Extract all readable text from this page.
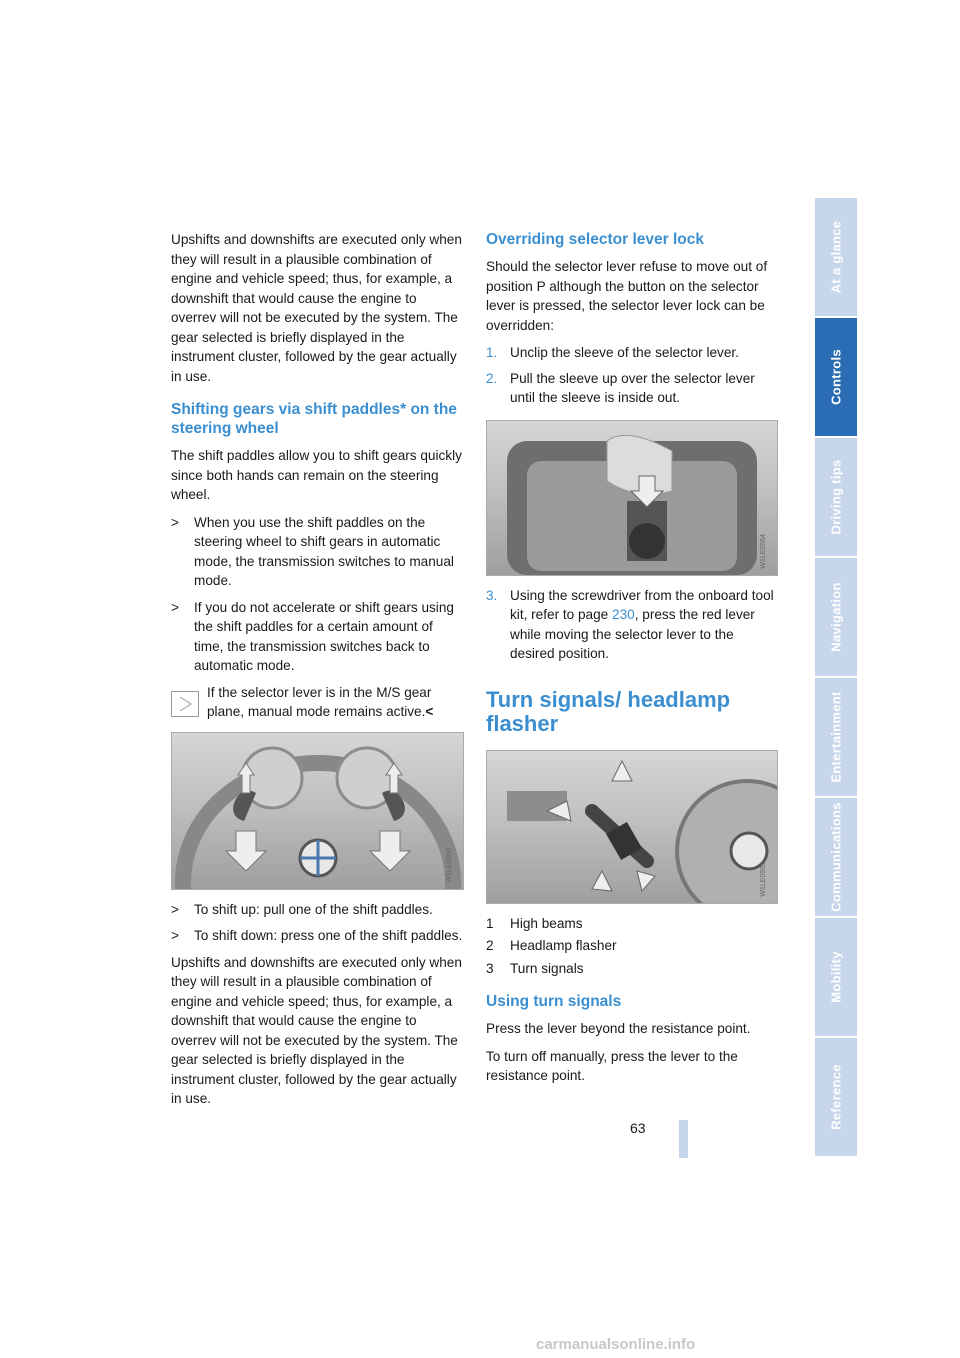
Upshifts and downshifts are executed only when they will result in a plausible combination of engine and vehicle speed; thus, for example, a downshift that would cause the engine to overrev will not be executed by the system. The gear selected is briefly displayed in the instrument cluster, followed by the gear actually in use.

Shifting gears via shift paddles* on the steering wheel

The shift paddles allow you to shift gears quickly since both hands can remain on the steering wheel.

>	When you use the shift paddles on the steering wheel to shift gears in automatic mode, the transmission switches to manual mode.
>	If you do not accelerate or shift gears using the shift paddles for a certain amount of time, the transmission switches back to automatic mode.
If the selector lever is in the M/S gear plane, manual mode remains active.<
W1LE0560
>	To shift up: pull one of the shift paddles.
>	To shift down: press one of the shift paddles.

Upshifts and downshifts are executed only when they will result in a plausible combination of engine and vehicle speed; thus, for example, a downshift that would cause the engine to overrev will not be executed by the system. The gear selected is briefly displayed in the instrument cluster, followed by the gear actually in use.

Overriding selector lever lock

Should the selector lever refuse to move out of position P although the button on the selector lever is pressed, the selector lever lock can be overridden:

1. Unclip the sleeve of the selector lever.
2. Pull the sleeve up over the selector lever until the sleeve is inside out.
W1LE0564
3. Using the screwdriver from the onboard tool kit, refer to page 230, press the red lever while moving the selector lever to the desired position.
Turn signals/ headlamp flasher
W1LE0565
1	High beams
2	Headlamp flasher
3	Turn signals
Using turn signals

Press the lever beyond the resistance point.

To turn off manually, press the lever to the resistance point.

At a glance
Controls
Driving tips
Navigation
Entertainment
Communications
Mobility
Reference
63
carmanualsonline.info
